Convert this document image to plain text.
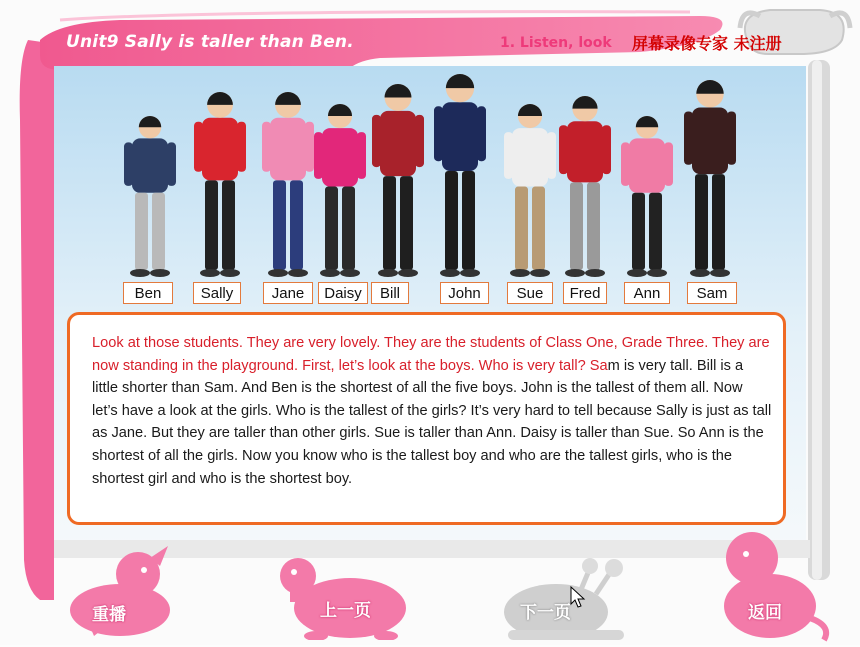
Unit9 Sally is taller than Ben.	1. Listen, look 屏幕录像专家 未注册
Ben	Sally	Jane	Daisy	Bill	John	Sue	Fred	Ann	Sam

Look at those students. They are very lovely. They are the students of Class One, Grade Three. They are now standing in the playground. First, let’s look at the boys. Who is very tall? Sam is very tall. Bill is a little shorter than Sam. And Ben is the shortest of all the five boys. John is the tallest of them all. Now let’s have a look at the girls. Who is the tallest of the girls? It’s very hard to tell because Sally is just as tall as Jane. But they are taller than other girls. Sue is taller than Ann. Daisy is taller than Sue. So Ann is the shortest of all the girls. Now you know who is the tallest boy and who are the tallest girls, who is the shortest girl and who is the shortest boy.

重播	上一页	下一页	返回
